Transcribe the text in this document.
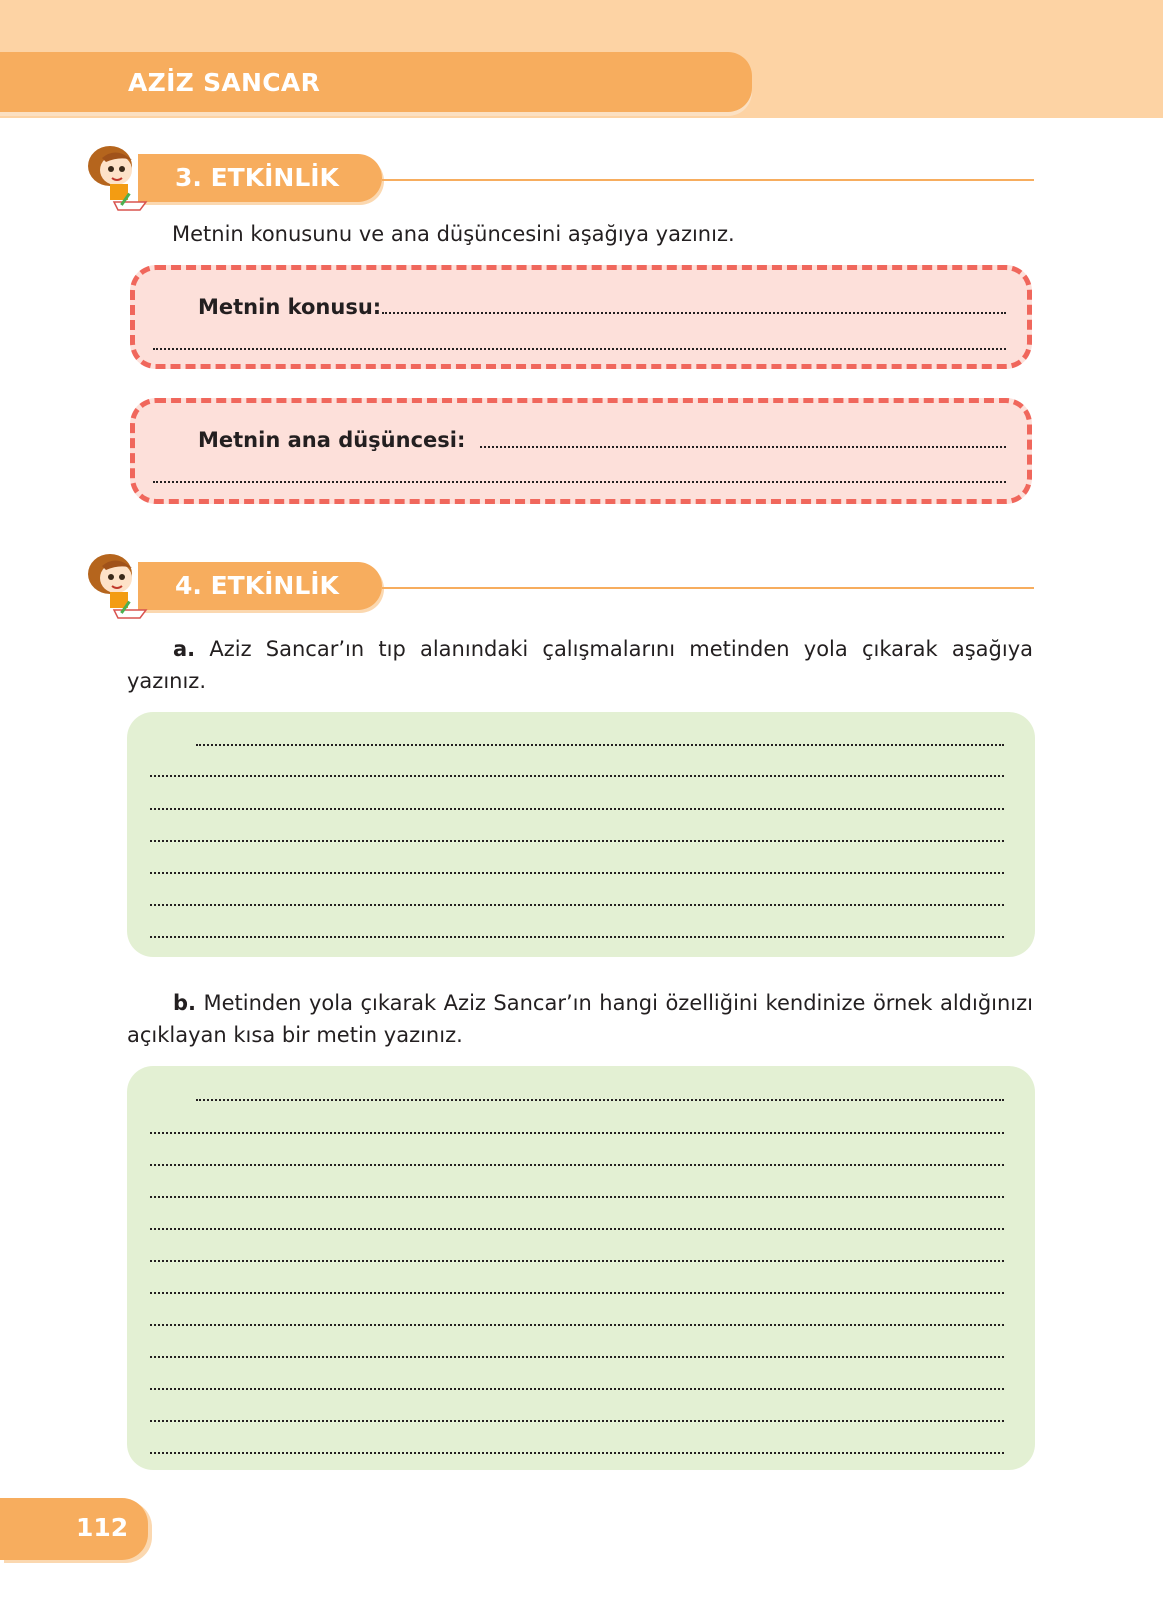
AZİZ SANCAR
3. ETKİNLİK
Metnin konusunu ve ana düşüncesini aşağıya yazınız.
Metnin konusu:
Metnin ana düşüncesi:
4. ETKİNLİK
a. Aziz Sancar’ın tıp alanındaki çalışmalarını metinden yola çıkarak aşağıya yazınız.
b. Metinden yola çıkarak Aziz Sancar’ın hangi özelliğini kendinize örnek aldığınızı açıklayan kısa bir metin yazınız.
112
